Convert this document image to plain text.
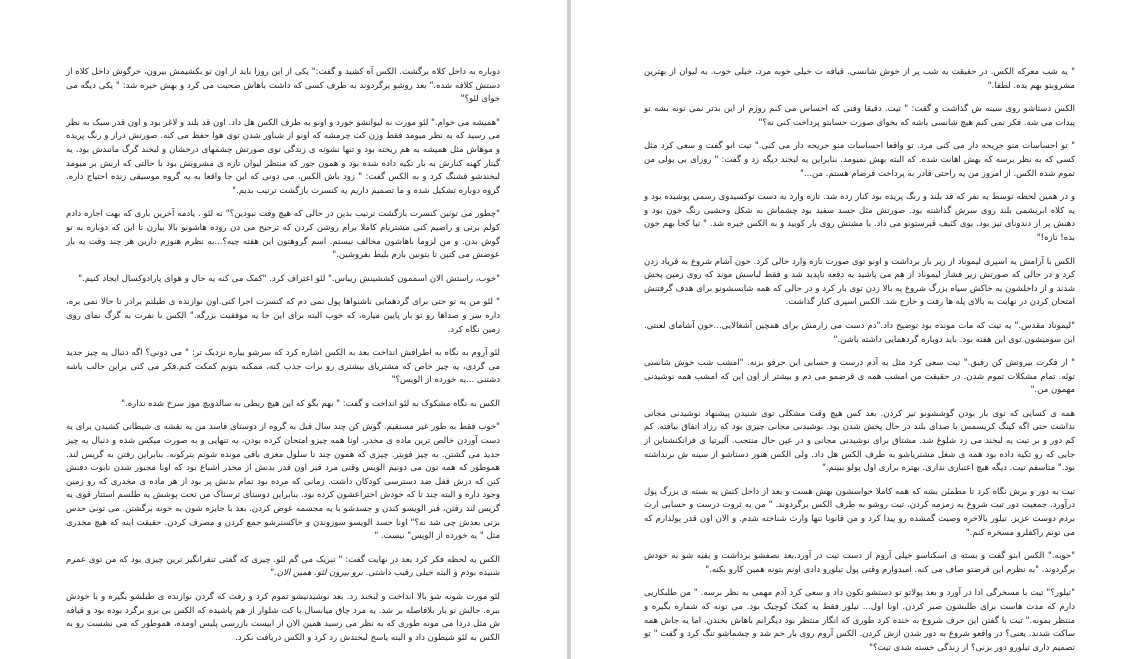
دوباره به داخل کلاه برگشت. الکس آه کشید و گفت:" یکی از این روزا باید از اون تو بکشیمش بیرون، خرگوش داخل کلاه از دستش کلافه شده." بعد روشو برگردوند به طرف کسی که داشت باهاش صحبت می کرد و بهش خیره شد: " یکی دیگه می خوای لئو؟"

"همیشه می خوام." لئو مورت نه لیوانشو خورد و اونو به طرف الکس هل داد. اون قد بلند و لاغر بود و اون قدر سبک به نظر می رسید که به نظر میومد فقط وزن کت چرمشه که اونو از شناور شدن توی هوا حفظ می کنه. صورتش دراز و رنگ پریده و موهاش مثل همیشه به هم ریخته بود و تنها نشونه ی زندگی توی صورتش چشمهای درخشان و لبخند گرگ مانندش بود. یه گیتار کهنه کنارش به بار تکیه داده شده بود و همون جور که منتظر لیوان تازه ی مشروبش بود با حالتی که ارنش بر میومد لبخندشو قشنگ کرد و به الکس گفت: " زود باش الکس، می دونی که این جا واقعا به یه گروه موسیقی زنده احتیاج داره. گروه دوباره تشکیل شده و ما تصمیم داریم یه کنسرت بازگشت ترتیب بدیم."

"چطور می تونین کنسرت بازگشت ترتیب بدین در حالی که هیچ وقت نبودین؟" نه لئو . یادمه آخرین باری که بهت اجازه دادم کولم برنی و راضیم کنی مشتریام کاملا برام روشن کردن که ترجیح می دن روده هاشونو بالا بیارن تا این که دوباره به تو گوش بدن. و من لزوما باهاشون مخالف نیستم. اسم گروهتون این هفته چیه؟...به نظرم هنوزم دارین هر چند وقت یه بار عوضش می کنین تا بتونین بازم بلیط بفروشین."

"خوب، راستش الان اسممون کششینش ریباس." لئو اعتراف کرد. "کمک می کنه یه حال و هوای پارادوکسال ایجاد کنیم."

" لئو من یه تو حتی برای گردهمایی ناشنواها پول نمی دم که کنسرت اجرا کنی.اون نوازنده ی طبلتم برادر تا حالا نمی بره، داره سر و صداها رو تو بار پایین میاره، که خوب البته برای این جا یه موفقیت بزرگه." الکس با نفرت به گرگ نمای روی زمین نگاه کرد.

لئو آروم به نگاه به اطرافش انداخت بعد به الکس اشاره کرد که سرشو بیاره نزدیک تر: " می دونی؟ اگه دنبال یه چیز جدید می گردی، یه چیز خاص که مشتریای بیشتری رو برات جذب کنه، ممکنه بتونم کمکت کنم.فکر می کنی براین جالب باشه دشتنی ...یه خورده از الویس؟"

الکس به نگاه مشکوک به لئو انداخت و گفت: " بهم بگو که این هیچ ربطی به سالدویچ موز سرخ شده نداره."

"خوب فقط به طور غیر مستقیم. گوش کن چند سال قبل به گروه از دوستای فاسد من یه نقشه ی شیطانی کشیدن برای یه دست آوردن خالص ترین ماده ی مخدر. اونا همه چیزو امتحان کرده بودن، یه تنهایی و به صورت میکس شده و دنبال یه چیز جدید می گشتن. یه چیز فوبتر. چیزی که همون چند تا سلول مغزی باقی مونده شونم بترکونه. بنابراین رفتن به گریس لند. هموطور که همه تون می دونیم الویس وقتی مرد قبر اون قدر بدنش از مخدر اشباع بود که اونا مجبور شدن تابوت دفنش کنن که درش قفل ضد دسترسی کودکان داشت. زمانی که مرده بود تمام بدنش پر بود از هر ماده ی مخدری که رو زمین وجود داره و البته چند تا که خودش اختراعشون کرده بود. بنابراین دوستای ترسناک من تحت پوشش یه طلسم استتار قوی یه گریس لند رفتن، قبر الویسو کندن و جسدشو با یه مجسمه عوض کردن. بعد با جایزه شون به خونه برگشتن. می تونی حدس بزنی بعدش چی شد نه؟" اونا جسد الویسو سوزوندن و خاکسترشو جمع کردن و مصرف کردن. حقیقت اینه که هیچ مخدری مثل " یه خورده از الویس" نیست. "

الکس یه لحظه فکر کرد بعد در نهایت گفت: " تبریک می گم لئو. چیزی که گفتی تنفرانگیز ترین چیزی بود که من توی عمرم شنیده بودم و البته خیلی رقیب داشتی. برو بیرون لئو. همین الان."

لئو مورت شونه شو بالا انداخت و لبخند زد. بعد نوشیدنیشو تموم کرد و رفت که گردن نوازنده ی طبلشو بگیره و با خودش ببره. حالش تو بار بلافاصله بر شد. یه مرد چاق میانسال با کت شلوار از هم پاشیده که الکس بی برو برگرد بوده بود و قیافه ش مثل دردا می مونه طوری که به نظر می رسید همین الان از ابیست بازرسی پلیس اومده، هموطور که می نشست رو به الکس به لئو شیطون داد و البته یاسخ لبخندش رد کرد و الکس دریافت نکرد.

" یه شب معرکه الکس. در حقیقت یه شب پر از خوش شانسی. قیافه ت خیلی خوبه مرد، خیلی خوب. یه لیوان از بهترین مشروبتو بهم بده. لطفا."

الکس دستاشو روی سینه ش گذاشت و گفت: " تیت. دقیقا وقتی که احساس می کنم روزم از این بدتر نمی تونه بشه تو پیدات می شه. فکر نمی کنم هیچ شانسی باشه که بخوای صورت حسابتو پرداخت کنی نه؟"

" تو احساسات منو جریحه دار می کنی مرد. تو واقعا احساسات منو جریحه دار می کنی." تیت ابو گفت و سعی کرد مثل کسی که به نظر برسه که بهش اهانت شده. که البته بهش نمیومد. بنابراین یه لبخند دیگه زد و گفت: " روزای بی پولی من تموم شده الکس. از امروز من یه راحتی قادر به پرداخت قرضام هستم. من..."

و در همین لحظه توسط یه نفر که قد بلند و رنگ پریده بود کنار زده شد. تازه وارد یه دست توکسیدوی رسمی پوشیده بود و یه کلاه ابریشمی بلند روی سرش گذاشته بود. صورتش مثل جسد سفید بود چشماش به شکل وحشیی رنگ خون بود و دهنش پر از دندونای تیز بود. یوی کثیف قبرستونو می داد. با مشتش روی بار کوبید و به الکس خیره شد. " تیا کجا بهم خون بده! تازه!"

الکس با آرامش یه اسپری لیموناد از زیر بار برداشت و اونو توی صورت تازه وارد خالی کرد. خون آشام شروع به فریاد زدن کرد و در حالی که صورتش زیر فشار لیموناد از هم می پاشید به دفعه ناپدید شد و فقط لباسش موند که روی زمین پخش شدند و از داخلشون یه خاکش سیاه بزرگ شروع یه بالا زدن توی بار کرد و در حالی که همه شانسشونو برای هدف گرفتنش امتحان کردن در نهایت به بالای پله ها رفت و خارج شد. الکس اسپری کنار گذاشت.

"لیموناد مقدس." یه تیت که مات مونده بود توضیح داد."دم دست می زارمش برای همچین آشغالایی...خون آشامای لعنتی. این سومیشون توی این هفته بود. باید دوباره گردهمایی داشته باشن."

" از فکرت بیرونش کن رفیق." تیت سعی کرد مثل به آدم درست و حسابی این حرفو بزنه. "امشب شب خوش شانسی توئه. تمام مشکلات تموم شدن. در حقیقت من امشب همه ی قرضمو می دم و بیشتر از اون این که امشب همه نوشیدنی مهمون من."

همه ی کسایی که توی بار بودن گوششونو تیز کردن. بعد کس هیچ وقت مشکلی توی شنیدن پیشنهاد نوشیدنی مجانی نداشت حتی اگه کینگ کریسمس با صدای بلند در حال پخش شدن بود. نوشیدنی مجانی چیزی بود که رزاد اتفاق بیافته. کم کم دور و بر تیت یه لبخند می زد شلوغ شد. مشتاق برای نوشیدنی مجانی و در عین حال منتجب. آلبرتیا ی فرانکنشتاین از جایی که رو تکیه داده بود همه ی شغل مشتریاشو به طرف الکس هل داد. ولی الکس هنوز دستاشو از سینه ش برنداشته بود." متاسفم تیت. دیگه هیچ اعتباری نداری. بهتره براری اول پولو ببینم."

تیت به دور و برش نگاه کرد تا مطمئن بشه که همه کاملا حواسشون بهش هست و بعد از داخل کتش یه بسته ی بزرگ پول درآورد. جمعیت دور تیت شروع به زمزمه کردن. تیت روشو به طرف الکس برگردوند. " من یه ثروت درست و حسابی ارث بردم دوست عزیز. تیلور بالاخره وصیت گمشده رو پیدا کرد و من قانونا تنها وارث شناخته شدم. و الان اون قدر پولدارم که می تونم راکفلرو مسخره کنم."

"حوبه." الکس ابنو گفت و بسته ی اسکناسو خیلی آروم از دست تیت در آورد.بعد نصفشو برداشت و بقیه شو به خودش برگردوند. "به نظرم این قرضتو صاف می کنه. امیدوارم وقتی پول تیلورو دادی اونم بتونه همین کارو بکنه."

"تیلور؟" تیت با مسخرگی ادا در آورد و بعد پولاتو تو دستشو تکون داد و سعی کرد آدم مهمی به نظر برسه. " من طلبکاریی دارم که مدت هاست برای طلبشون صبر کردن. اونا اول... تیلور فقط یه کمک کوچیک بود. می تونه که شماره بگیره و منتظر بمونه." تیت با گفتن این حرف شروع به خنده کرد طوری که انگار منتظر بود دیگرانم باهاش بخندن. اما یه جاش همه ساکت شدند. یعنی؟ در واقعو شروع به دور شدن ازش کردن. الکس آروم روی بار خم شد و چشماشو تنگ کرد و گفت " تو تصمیم داری تیلورو دور بزنی؟ از زندگی خسته شدی تیت؟"
